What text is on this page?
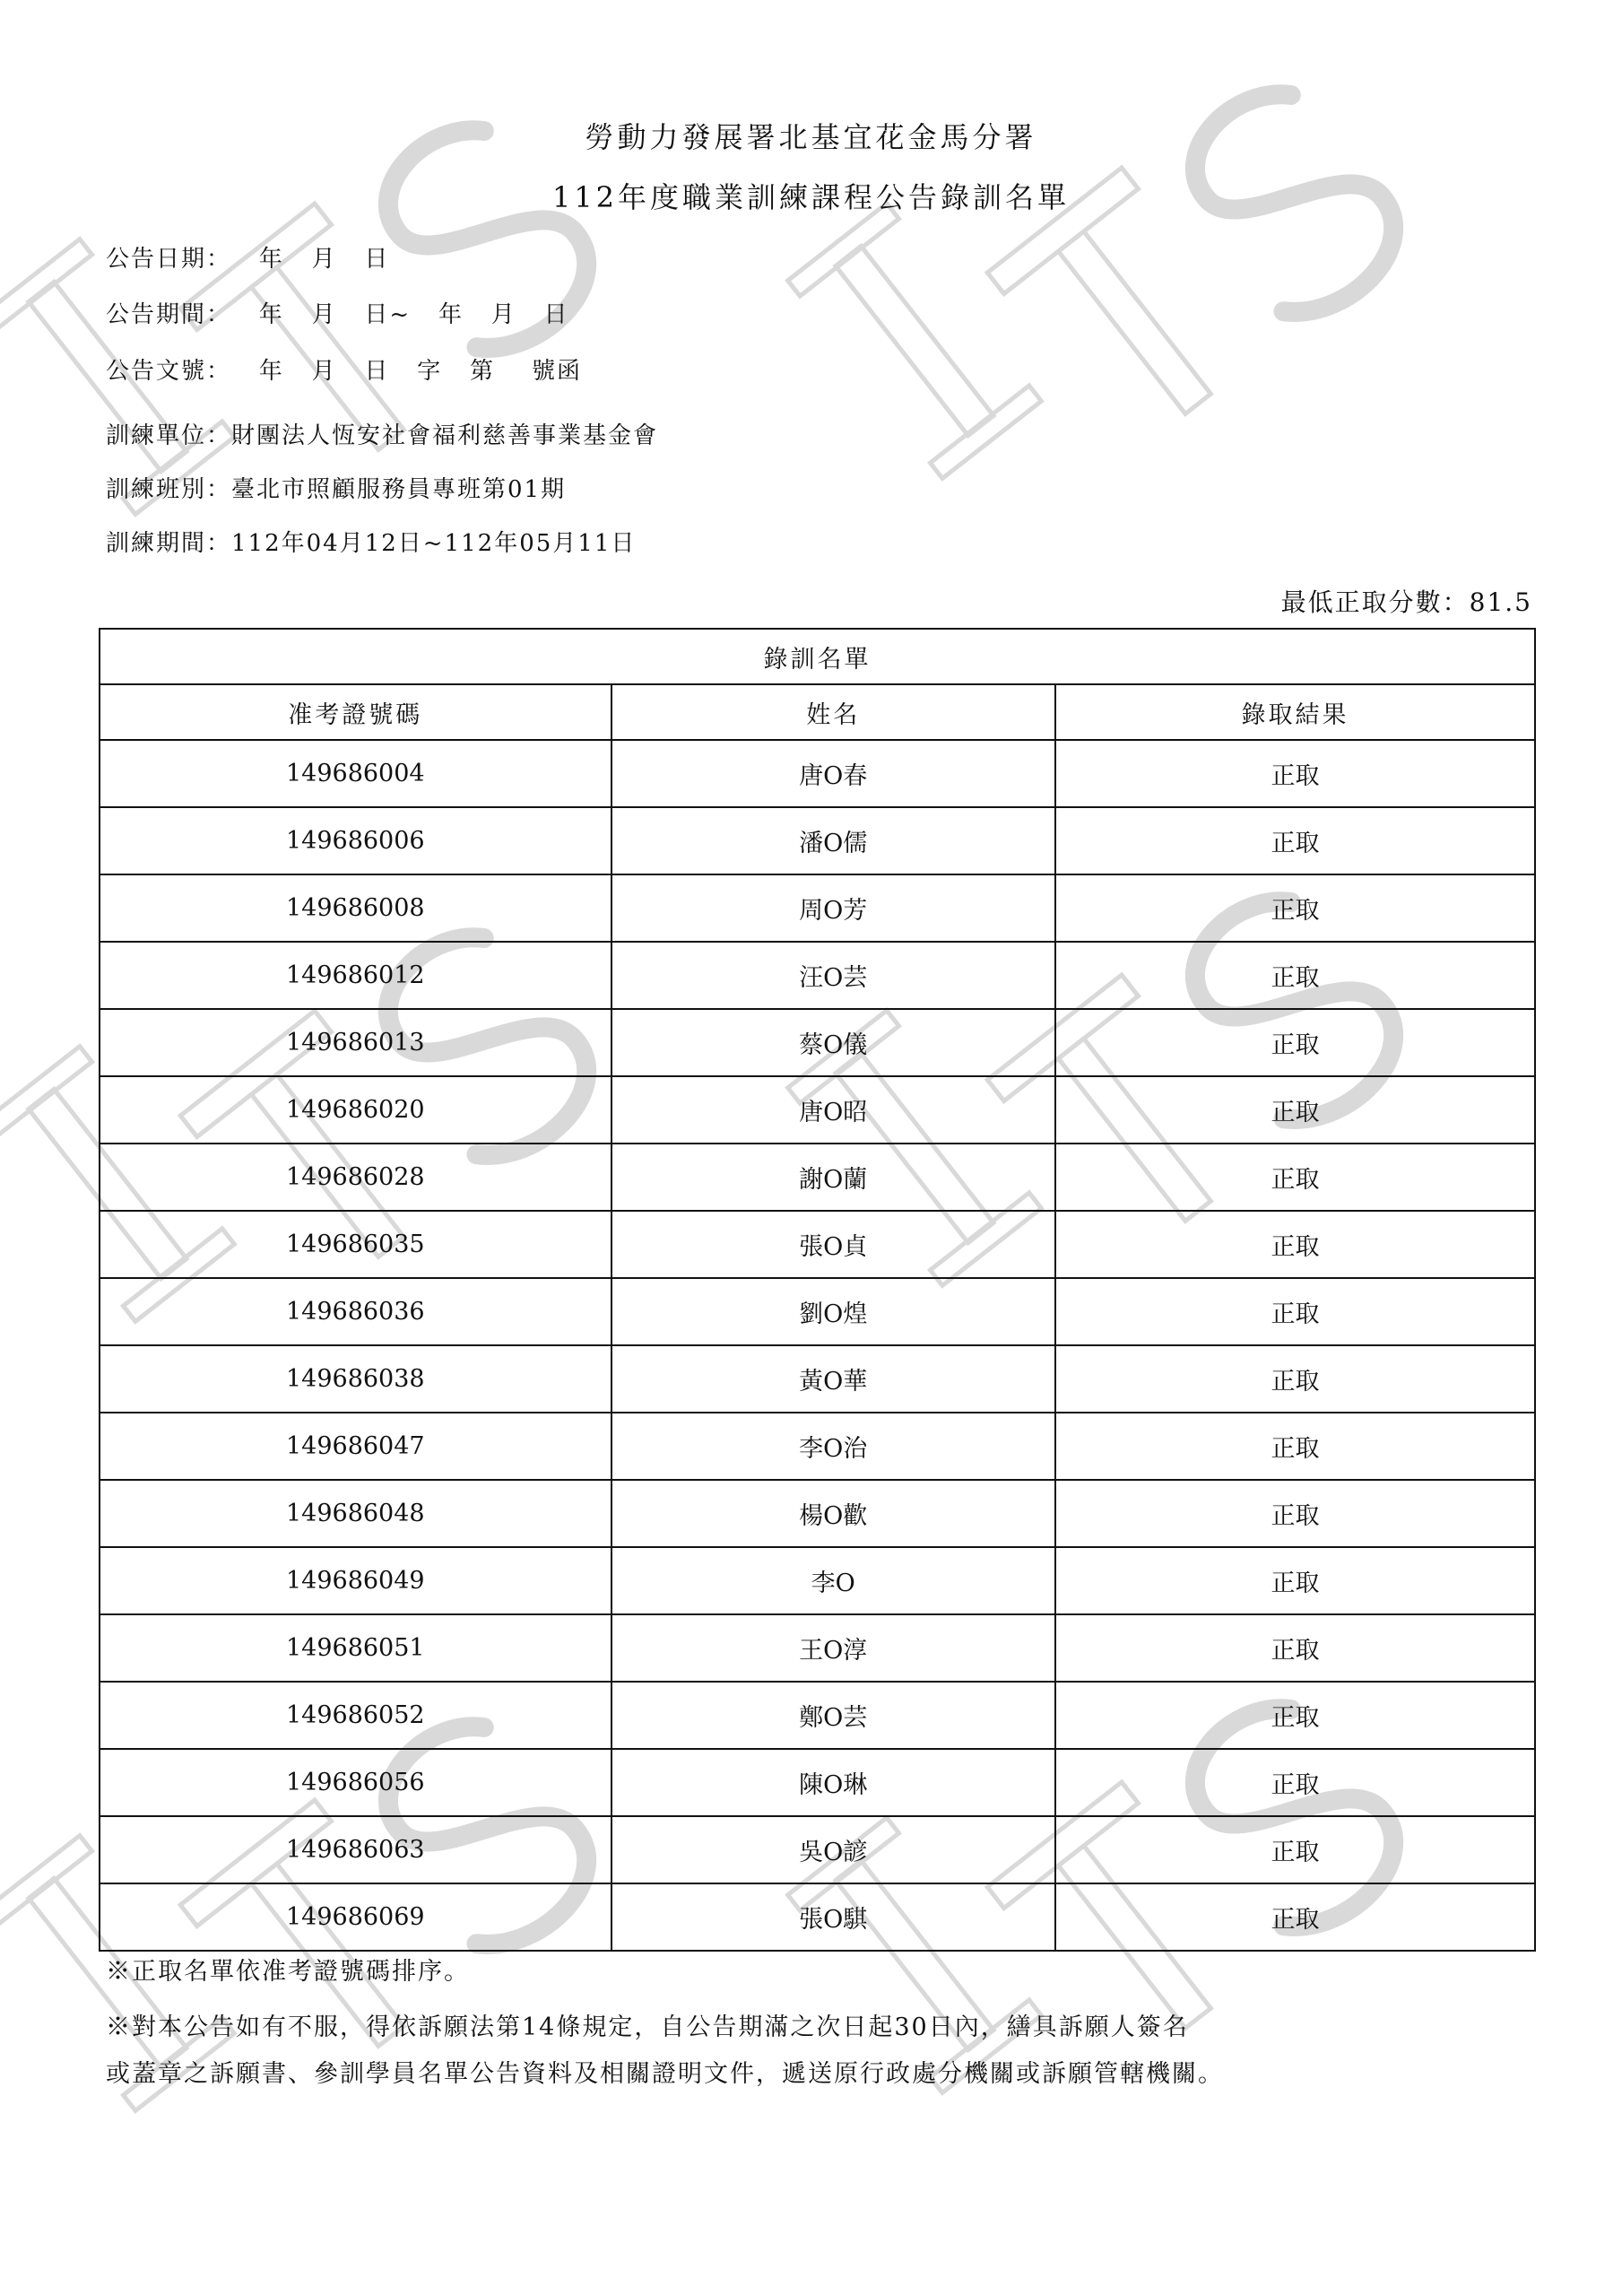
勞動力發展署北基宜花金馬分署
112年度職業訓練課程公告錄訓名單
公告日期：   年   月   日
公告期間：   年   月   日~   年   月   日
公告文號：   年   月   日   字   第    號函
訓練單位：財團法人恆安社會福利慈善事業基金會
訓練班別：臺北市照顧服務員專班第01期
訓練期間：112年04月12日~112年05月11日
最低正取分數：81.5
錄訓名單		
准考證號碼	姓名	錄取結果
149686004	唐O春	正取
149686006	潘O儒	正取
149686008	周O芳	正取
149686012	汪O芸	正取
149686013	蔡O儀	正取
149686020	唐O昭	正取
149686028	謝O蘭	正取
149686035	張O貞	正取
149686036	劉O煌	正取
149686038	黃O華	正取
149686047	李O治	正取
149686048	楊O歡	正取
149686049	李O	正取
149686051	王O淳	正取
149686052	鄭O芸	正取
149686056	陳O琳	正取
149686063	吳O諺	正取
149686069	張O騏	正取
※正取名單依准考證號碼排序。
※對本公告如有不服，得依訴願法第14條規定，自公告期滿之次日起30日內，繕具訴願人簽名
或蓋章之訴願書、參訓學員名單公告資料及相關證明文件，遞送原行政處分機關或訴願管轄機關。
